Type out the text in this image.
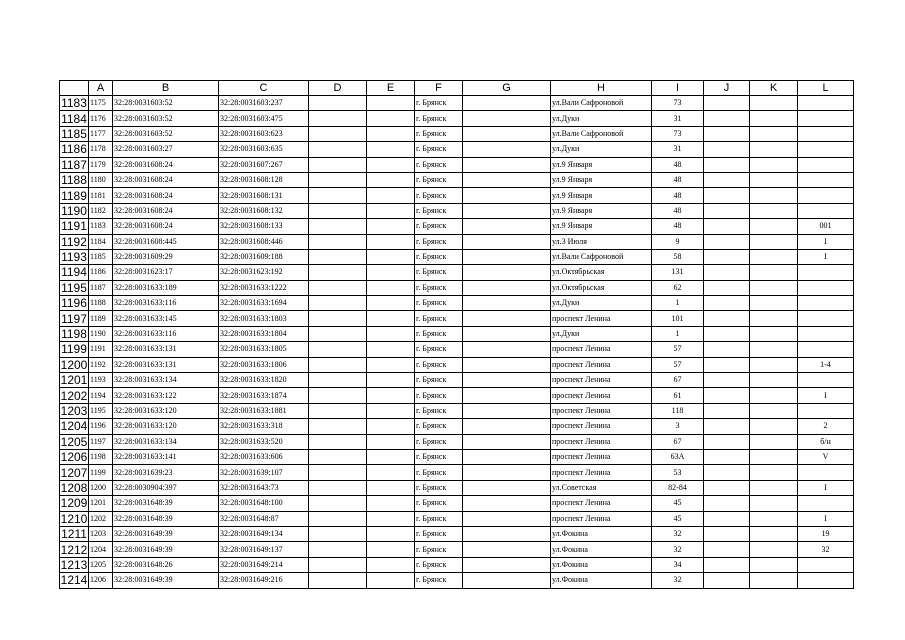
	A	B	C	D	E	F	G	H	I	J	K	L
1183	1175	32:28:0031603:52	32:28:0031603:237			г. Брянск		ул.Вали Сафроновой	73			
1184	1176	32:28:0031603:52	32:28:0031603:475			г. Брянск		ул.Дуки	31			
1185	1177	32:28:0031603:52	32:28:0031603:623			г. Брянск		ул.Вали Сафроновой	73			
1186	1178	32:28:0031603:27	32:28:0031603:635			г. Брянск		ул.Дуки	31			
1187	1179	32:28:0031608:24	32:28:0031607:267			г. Брянск		ул.9 Января	48			
1188	1180	32:28:0031608:24	32:28:0031608:128			г. Брянск		ул.9 Января	48			
1189	1181	32:28:0031608:24	32:28:0031608:131			г. Брянск		ул.9 Января	48			
1190	1182	32:28:0031608:24	32:28:0031608:132			г. Брянск		ул.9 Января	48			
1191	1183	32:28:0031608:24	32:28:0031608:133			г. Брянск		ул.9 Января	48			001
1192	1184	32:28:0031608:445	32:28:0031608:446			г. Брянск		ул.3 Июля	9			I
1193	1185	32:28:0031609:29	32:28:0031609:188			г. Брянск		ул.Вали Сафроновой	58			I
1194	1186	32:28:0031623:17	32:28:0031623:192			г. Брянск		ул.Октябрьская	131			
1195	1187	32:28:0031633:189	32:28:0031633:1222			г. Брянск		ул.Октябрьская	62			
1196	1188	32:28:0031633:116	32:28:0031633:1694			г. Брянск		ул.Дуки	1			
1197	1189	32:28:0031633:145	32:28:0031633:1803			г. Брянск		проспект Ленина	101			
1198	1190	32:28:0031633:116	32:28:0031633:1804			г. Брянск		ул.Дуки	1			
1199	1191	32:28:0031633:131	32:28:0031633:1805			г. Брянск		проспект Ленина	57			
1200	1192	32:28:0031633:131	32:28:0031633:1806			г. Брянск		проспект Ленина	57			1-4
1201	1193	32:28:0031633:134	32:28:0031633:1820			г. Брянск		проспект Ленина	67			
1202	1194	32:28:0031633:122	32:28:0031633:1874			г. Брянск		проспект Ленина	61			I
1203	1195	32:28:0031633:120	32:28:0031633:1881			г. Брянск		проспект Ленина	118			
1204	1196	32:28:0031633:120	32:28:0031633:318			г. Брянск		проспект Ленина	3			2
1205	1197	32:28:0031633:134	32:28:0031633:520			г. Брянск		проспект Ленина	67			б/н
1206	1198	32:28:0031633:141	32:28:0031633:606			г. Брянск		проспект Ленина	63А			V
1207	1199	32:28:0031639:23	32:28:0031639:107			г. Брянск		проспект Ленина	53			
1208	1200	32:28:0030904:397	32:28:0031643:73			г. Брянск		ул.Советская	82-84			I
1209	1201	32:28:0031648:39	32:28:0031648:100			г. Брянск		проспект Ленина	45			
1210	1202	32:28:0031648:39	32:28:0031648:87			г. Брянск		проспект Ленина	45			I
1211	1203	32:28:0031649:39	32:28:0031649:134			г. Брянск		ул.Фокина	32			19
1212	1204	32:28:0031649:39	32:28:0031649:137			г. Брянск		ул.Фокина	32			32
1213	1205	32:28:0031648:26	32:28:0031649:214			г. Брянск		ул.Фокина	34			
1214	1206	32:28:0031649:39	32:28:0031649:216			г. Брянск		ул.Фокина	32			
